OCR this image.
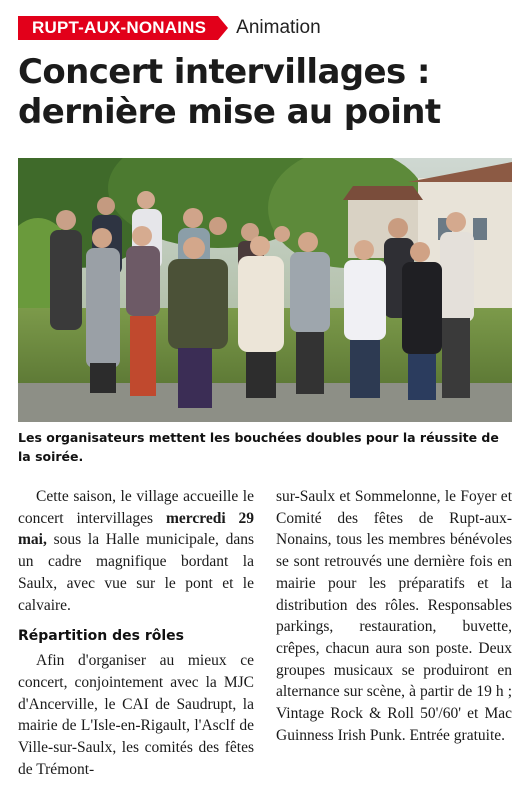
RUPT-AUX-NONAINS	Animation
Concert intervillages :
dernière mise au point
Les organisateurs mettent les bouchées doubles pour la réussite de la soirée.

Cette saison, le village accueille le concert intervillages mercredi 29 mai, sous la Halle municipale, dans un cadre magnifique bordant la Saulx, avec vue sur le pont et le calvaire.

Répartition des rôles

Afin d'organiser au mieux ce concert, conjointement avec la MJC d'Ancerville, le CAI de Saudrupt, la mairie de L'Isle-en-Rigault, l'Asclf de Ville-sur-Saulx, les comités des fêtes de Trémont-

sur-Saulx et Sommelonne, le Foyer et Comité des fêtes de Rupt-aux-Nonains, tous les membres bénévoles se sont retrouvés une dernière fois en mairie pour les préparatifs et la distribution des rôles. Responsables parkings, restauration, buvette, crêpes, chacun aura son poste. Deux groupes musicaux se produiront en alternance sur scène, à partir de 19 h ; Vintage Rock & Roll 50'/60' et Mac Guinness Irish Punk. Entrée gratuite.
